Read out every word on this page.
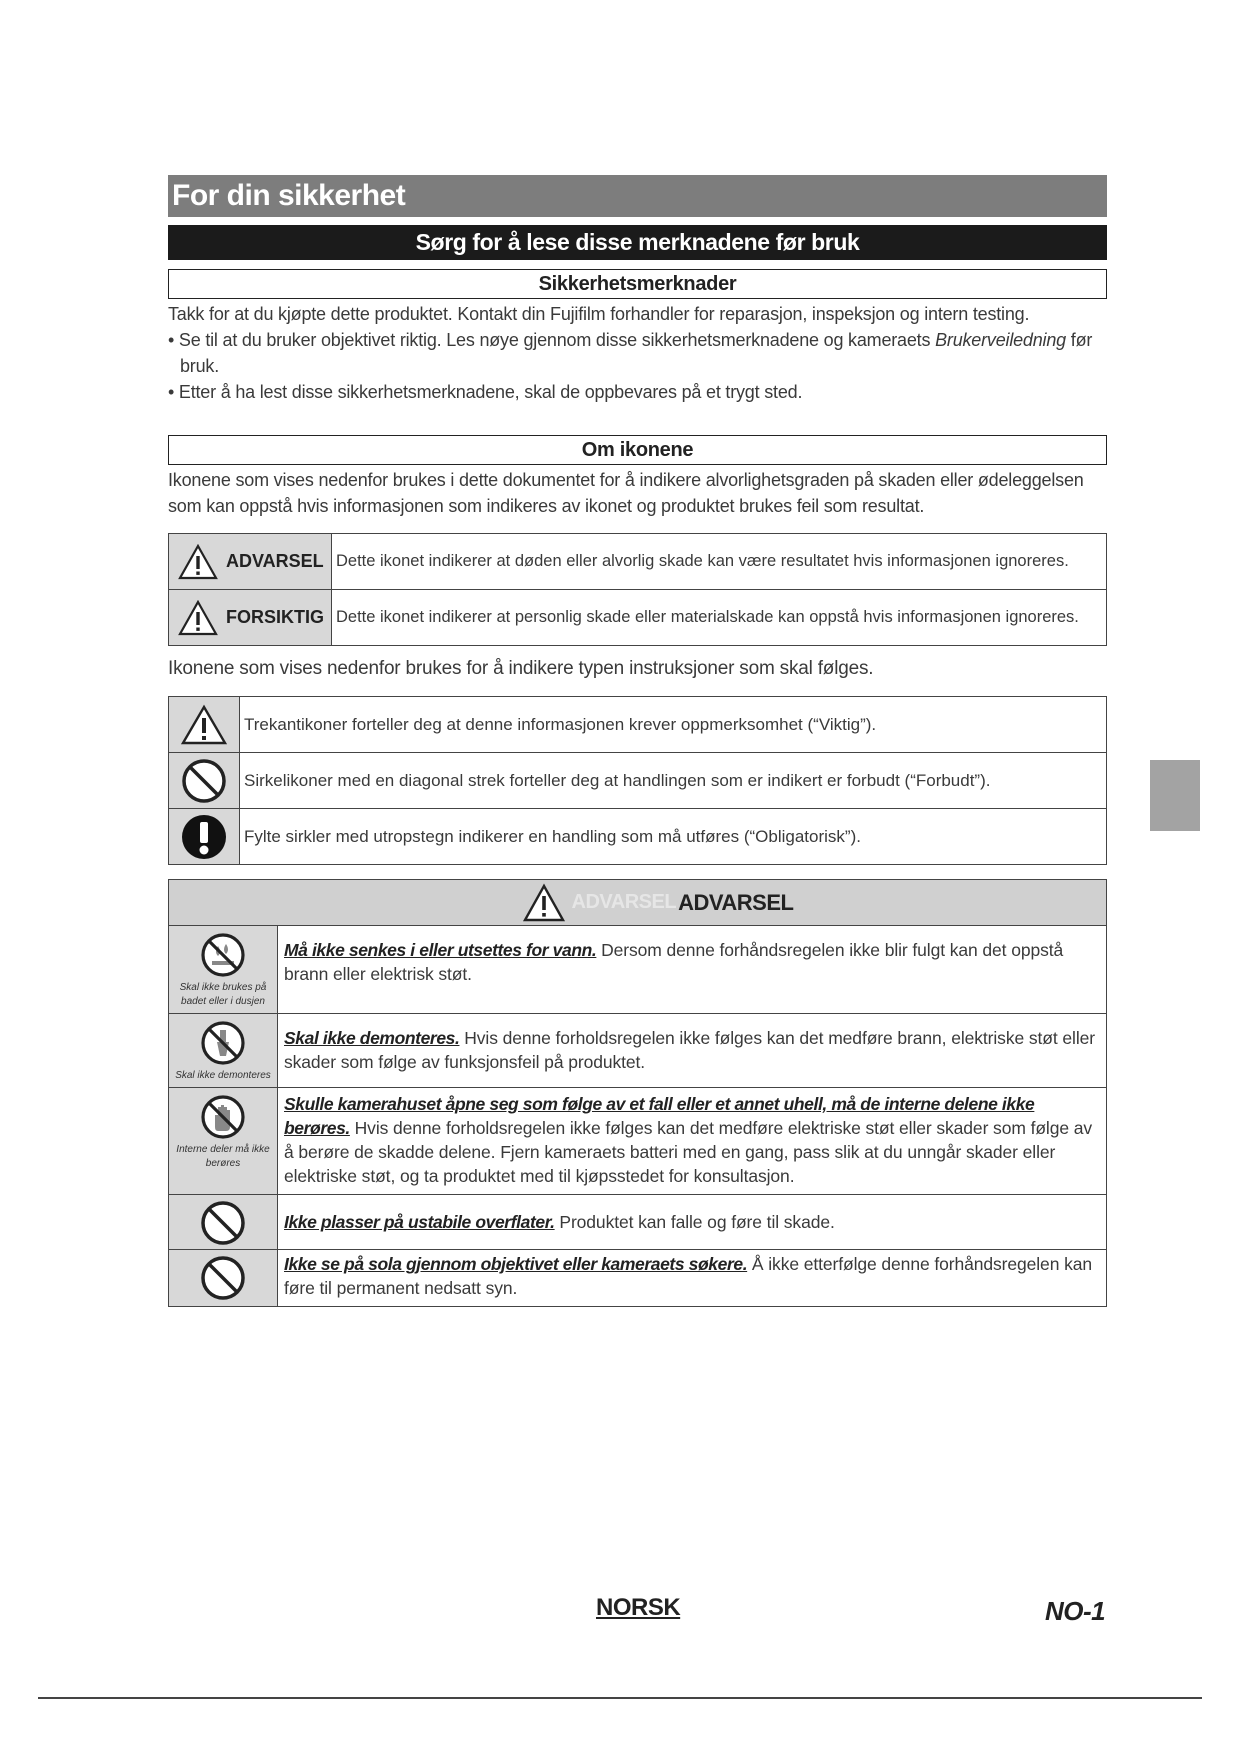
For din sikkerhet
Sørg for å lese disse merknadene før bruk
Sikkerhetsmerknader
Takk for at du kjøpte dette produktet. Kontakt din Fujifilm forhandler for reparasjon, inspeksjon og intern testing.
• Se til at du bruker objektivet riktig. Les nøye gjennom disse sikkerhetsmerknadene og kameraets Brukerveiledning før bruk.
• Etter å ha lest disse sikkerhetsmerknadene, skal de oppbevares på et trygt sted.
Om ikonene
Ikonene som vises nedenfor brukes i dette dokumentet for å indikere alvorlighetsgraden på skaden eller ødeleggelsen som kan oppstå hvis informasjonen som indikeres av ikonet og produktet brukes feil som resultat.
ADVARSEL	Dette ikonet indikerer at døden eller alvorlig skade kan være resultatet hvis informasjonen ignoreres.

FORSIKTIG	Dette ikonet indikerer at personlig skade eller materialskade kan oppstå hvis informasjonen ignoreres.
Ikonene som vises nedenfor brukes for å indikere typen instruksjoner som skal følges.
	Trekantikoner forteller deg at denne informasjonen krever oppmerksomhet (“Viktig”).
	Sirkelikoner med en diagonal strek forteller deg at handlingen som er indikert er forbudt (“Forbudt”).
	Fylte sirkler med utropstegn indikerer en handling som må utføres (“Obligatorisk”).
ADVARSEL ADVARSEL
Skal ikke brukes på badet eller i dusjen	Må ikke senkes i eller utsettes for vann. Dersom denne forhåndsregelen ikke blir fulgt kan det oppstå brann eller elektrisk støt.

Skal ikke demonteres	Skal ikke demonteres. Hvis denne forholdsregelen ikke følges kan det medføre brann, elektriske støt eller skader som følge av funksjonsfeil på produktet.

Interne deler må ikke berøres	Skulle kamerahuset åpne seg som følge av et fall eller et annet uhell, må de interne delene ikke berøres. Hvis denne forholdsregelen ikke følges kan det medføre elektriske støt eller skader som følge av å berøre de skadde delene. Fjern kameraets batteri med en gang, pass slik at du unngår skader eller elektriske støt, og ta produktet med til kjøpsstedet for konsultasjon.
	Ikke plasser på ustabile overflater. Produktet kan falle og føre til skade.
	Ikke se på sola gjennom objektivet eller kameraets søkere. Å ikke etterfølge denne forhåndsregelen kan føre til permanent nedsatt syn.
NORSK	NO-1
